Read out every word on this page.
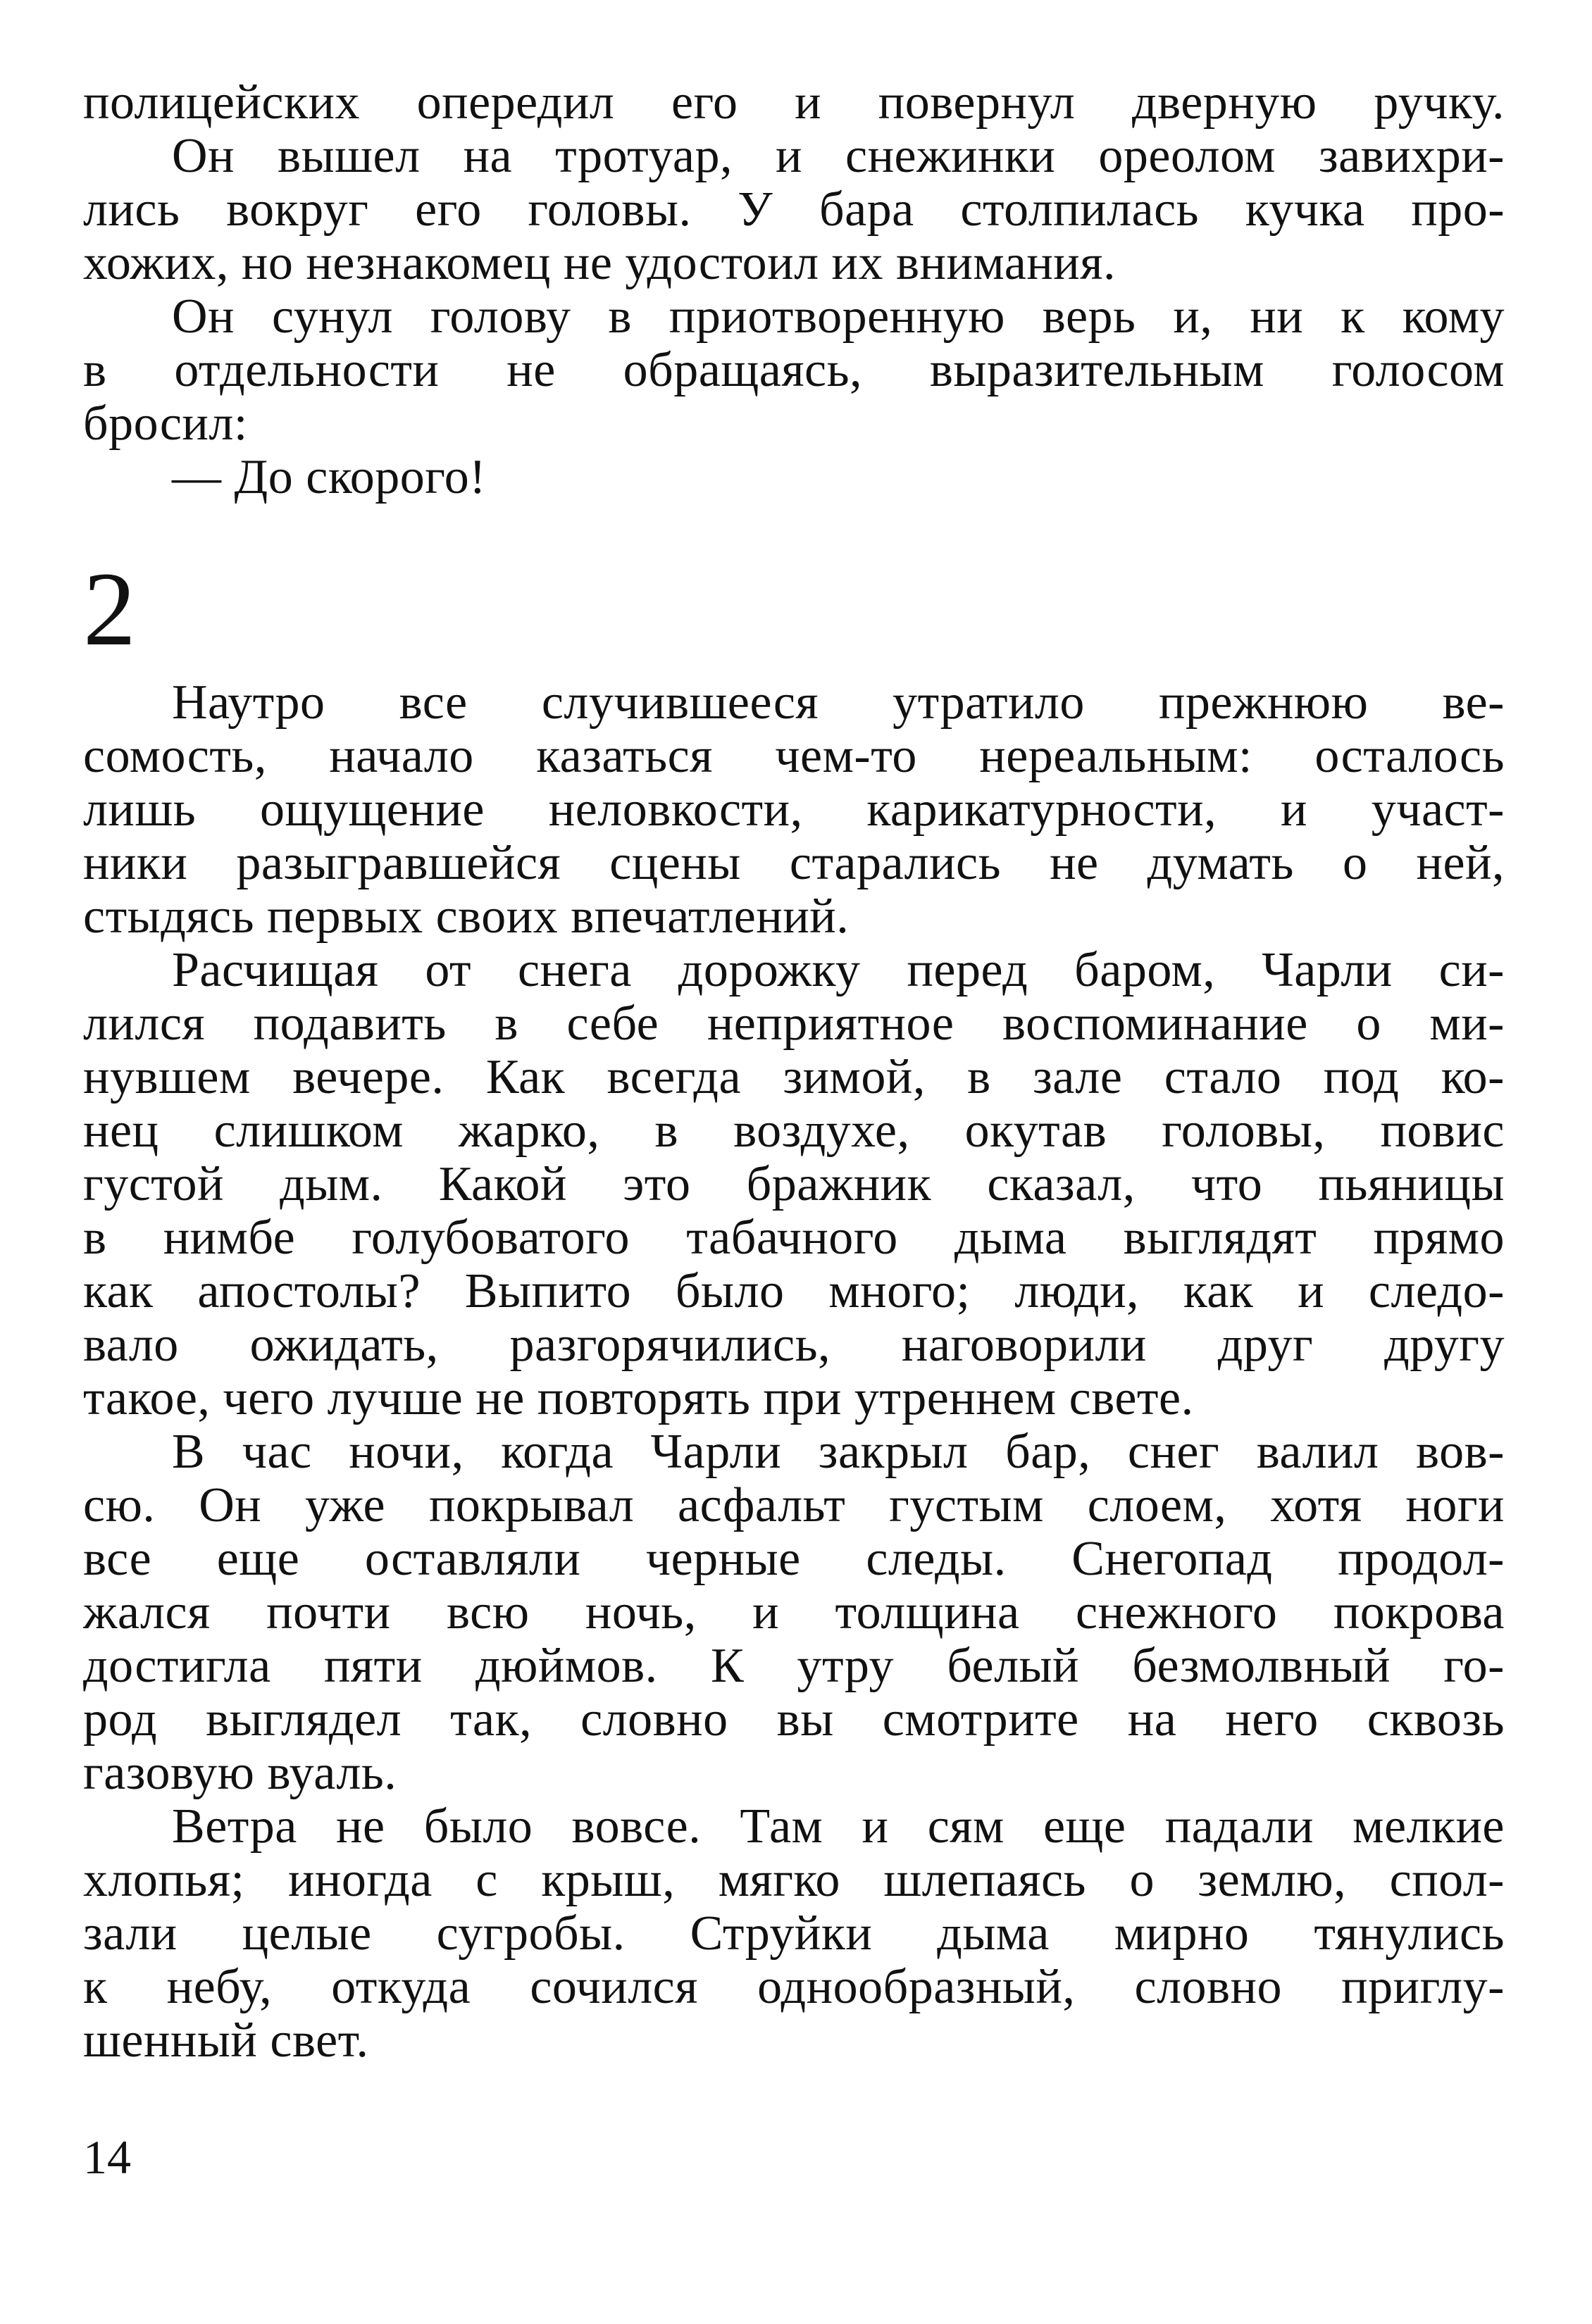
полицейских опередил его и повернул дверную ручку.
Он вышел на тротуар, и снежинки ореолом завихри-
лись вокруг его головы. У бара столпилась кучка про-
хожих, но незнакомец не удостоил их внимания.
Он сунул голову в приотворенную верь и, ни к кому
в отдельности не обращаясь, выразительным голосом
бросил:
— До скорого!
2
Наутро все случившееся утратило прежнюю ве-
сомость, начало казаться чем-то нереальным: осталось
лишь ощущение неловкости, карикатурности, и участ-
ники разыгравшейся сцены старались не думать о ней,
стыдясь первых своих впечатлений.
Расчищая от снега дорожку перед баром, Чарли си-
лился подавить в себе неприятное воспоминание о ми-
нувшем вечере. Как всегда зимой, в зале стало под ко-
нец слишком жарко, в воздухе, окутав головы, повис
густой дым. Какой это бражник сказал, что пьяницы
в нимбе голубоватого табачного дыма выглядят прямо
как апостолы? Выпито было много; люди, как и следо-
вало ожидать, разгорячились, наговорили друг другу
такое, чего лучше не повторять при утреннем свете.
В час ночи, когда Чарли закрыл бар, снег валил вов-
сю. Он уже покрывал асфальт густым слоем, хотя ноги
все еще оставляли черные следы. Снегопад продол-
жался почти всю ночь, и толщина снежного покрова
достигла пяти дюймов. К утру белый безмолвный го-
род выглядел так, словно вы смотрите на него сквозь
газовую вуаль.
Ветра не было вовсе. Там и сям еще падали мелкие
хлопья; иногда с крыш, мягко шлепаясь о землю, спол-
зали целые сугробы. Струйки дыма мирно тянулись
к небу, откуда сочился однообразный, словно приглу-
шенный свет.
14
